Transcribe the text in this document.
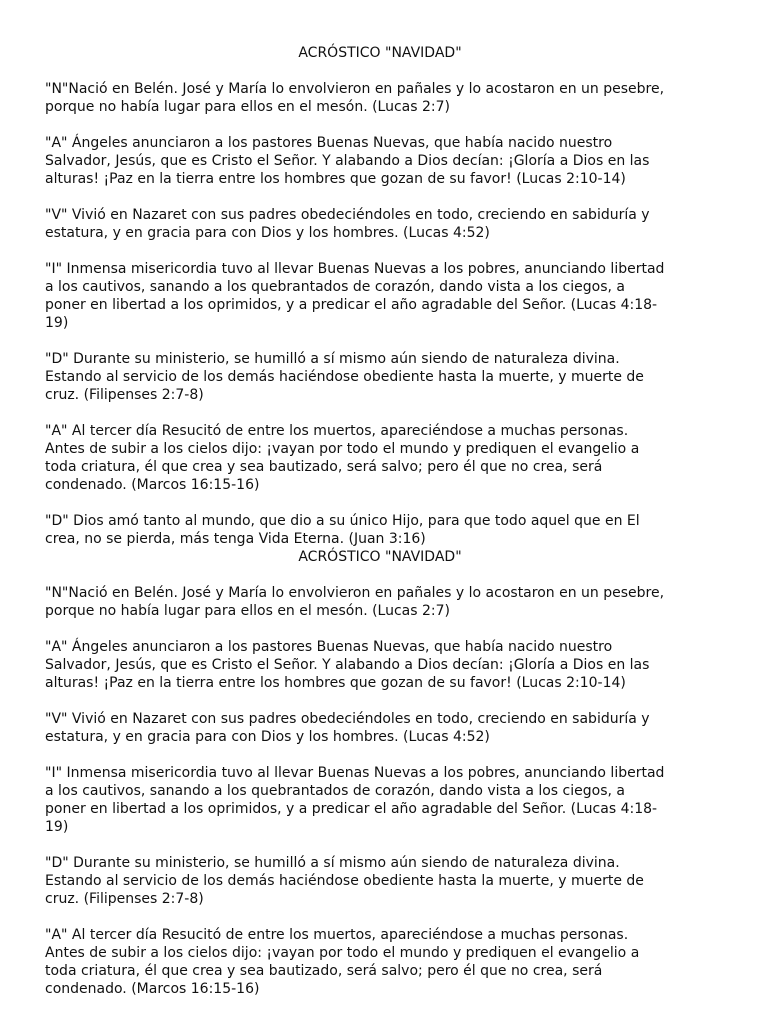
ACRÓSTICO "NAVIDAD"

"N"Nació en Belén. José y María lo envolvieron en pañales y lo acostaron en un pesebre,
porque no había lugar para ellos en el mesón. (Lucas 2:7)

"A" Ángeles anunciaron a los pastores Buenas Nuevas, que había nacido nuestro
Salvador, Jesús, que es Cristo el Señor. Y alabando a Dios decían: ¡Gloría a Dios en las
alturas! ¡Paz en la tierra entre los hombres que gozan de su favor! (Lucas 2:10-14)

"V" Vivió en Nazaret con sus padres obedeciéndoles en todo, creciendo en sabiduría y
estatura, y en gracia para con Dios y los hombres. (Lucas 4:52)

"I" Inmensa misericordia tuvo al llevar Buenas Nuevas a los pobres, anunciando libertad
a los cautivos, sanando a los quebrantados de corazón, dando vista a los ciegos, a
poner en libertad a los oprimidos, y a predicar el año agradable del Señor. (Lucas 4:18-
19)

"D" Durante su ministerio, se humilló a sí mismo aún siendo de naturaleza divina.
Estando al servicio de los demás haciéndose obediente hasta la muerte, y muerte de
cruz. (Filipenses 2:7-8)

"A" Al tercer día Resucitó de entre los muertos, apareciéndose a muchas personas.
Antes de subir a los cielos dijo: ¡vayan por todo el mundo y prediquen el evangelio a
toda criatura, él que crea y sea bautizado, será salvo; pero él que no crea, será
condenado. (Marcos 16:15-16)

"D" Dios amó tanto al mundo, que dio a su único Hijo, para que todo aquel que en El
crea, no se pierda, más tenga Vida Eterna. (Juan 3:16)

ACRÓSTICO "NAVIDAD"

"N"Nació en Belén. José y María lo envolvieron en pañales y lo acostaron en un pesebre,
porque no había lugar para ellos en el mesón. (Lucas 2:7)

"A" Ángeles anunciaron a los pastores Buenas Nuevas, que había nacido nuestro
Salvador, Jesús, que es Cristo el Señor. Y alabando a Dios decían: ¡Gloría a Dios en las
alturas! ¡Paz en la tierra entre los hombres que gozan de su favor! (Lucas 2:10-14)

"V" Vivió en Nazaret con sus padres obedeciéndoles en todo, creciendo en sabiduría y
estatura, y en gracia para con Dios y los hombres. (Lucas 4:52)

"I" Inmensa misericordia tuvo al llevar Buenas Nuevas a los pobres, anunciando libertad
a los cautivos, sanando a los quebrantados de corazón, dando vista a los ciegos, a
poner en libertad a los oprimidos, y a predicar el año agradable del Señor. (Lucas 4:18-
19)

"D" Durante su ministerio, se humilló a sí mismo aún siendo de naturaleza divina.
Estando al servicio de los demás haciéndose obediente hasta la muerte, y muerte de
cruz. (Filipenses 2:7-8)

"A" Al tercer día Resucitó de entre los muertos, apareciéndose a muchas personas.
Antes de subir a los cielos dijo: ¡vayan por todo el mundo y prediquen el evangelio a
toda criatura, él que crea y sea bautizado, será salvo; pero él que no crea, será
condenado. (Marcos 16:15-16)
